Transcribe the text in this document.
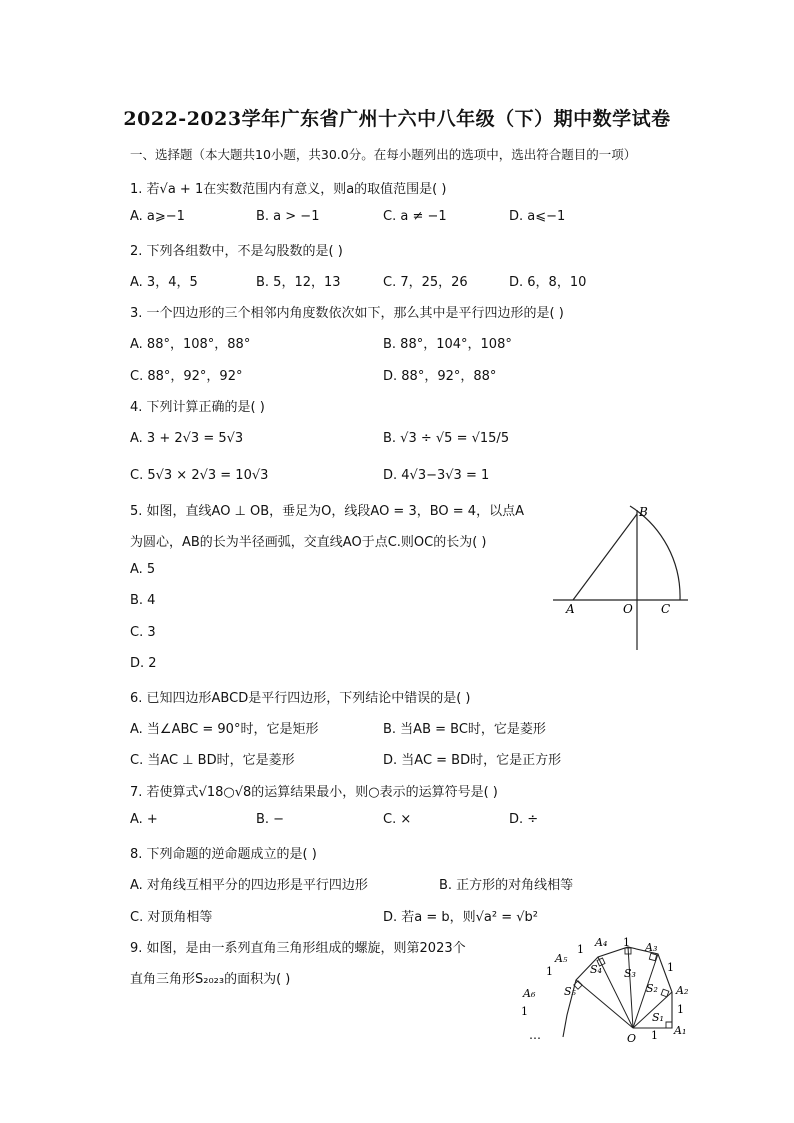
2022-2023学年广东省广州十六中八年级（下）期中数学试卷
一、选择题（本大题共10小题，共30.0分。在每小题列出的选项中，选出符合题目的一项）
1. 若√a + 1在实数范围内有意义，则a的取值范围是( )
A. a⩾−1	B. a > −1	C. a ≠ −1	D. a⩽−1
2. 下列各组数中，不是勾股数的是( )
A. 3，4，5	B. 5，12，13	C. 7，25，26	D. 6，8，10
3. 一个四边形的三个相邻内角度数依次如下，那么其中是平行四边形的是( )
A. 88°，108°，88°	B. 88°，104°，108°
C. 88°，92°，92°	D. 88°，92°，88°
4. 下列计算正确的是( )
A. 3 + 2√3 = 5√3	B. √3 ÷ √5 = √15/5
C. 5√3 × 2√3 = 10√3	D. 4√3−3√3 = 1
5. 如图，直线AO ⊥ OB，垂足为O，线段AO = 3，BO = 4，以点A
为圆心，AB的长为半径画弧，交直线AO于点C.则OC的长为( )
A. 5
B. 4
C. 3
D. 2
A	O
B
C
6. 已知四边形ABCD是平行四边形，下列结论中错误的是( )
A. 当∠ABC = 90°时，它是矩形	B. 当AB = BC时，它是菱形
C. 当AC ⊥ BD时，它是菱形	D. 当AC = BD时，它是正方形
7. 若使算式√18○√8的运算结果最小，则○表示的运算符号是( )
A. +	B. −	C. ×	D. ÷
8. 下列命题的逆命题成立的是( )
A. 对角线互相平分的四边形是平行四边形	B. 正方形的对角线相等
C. 对顶角相等	D. 若a = b，则√a² = √b²
9. 如图，是由一系列直角三角形组成的螺旋，则第2023个
直角三角形S₂₀₂₃的面积为( )
A₁
A₂
A₃
A₄
A₅
A₆
O
S₁
S₂
S₃
S₄
S₅
1
1
1
1
1
1
1
…
